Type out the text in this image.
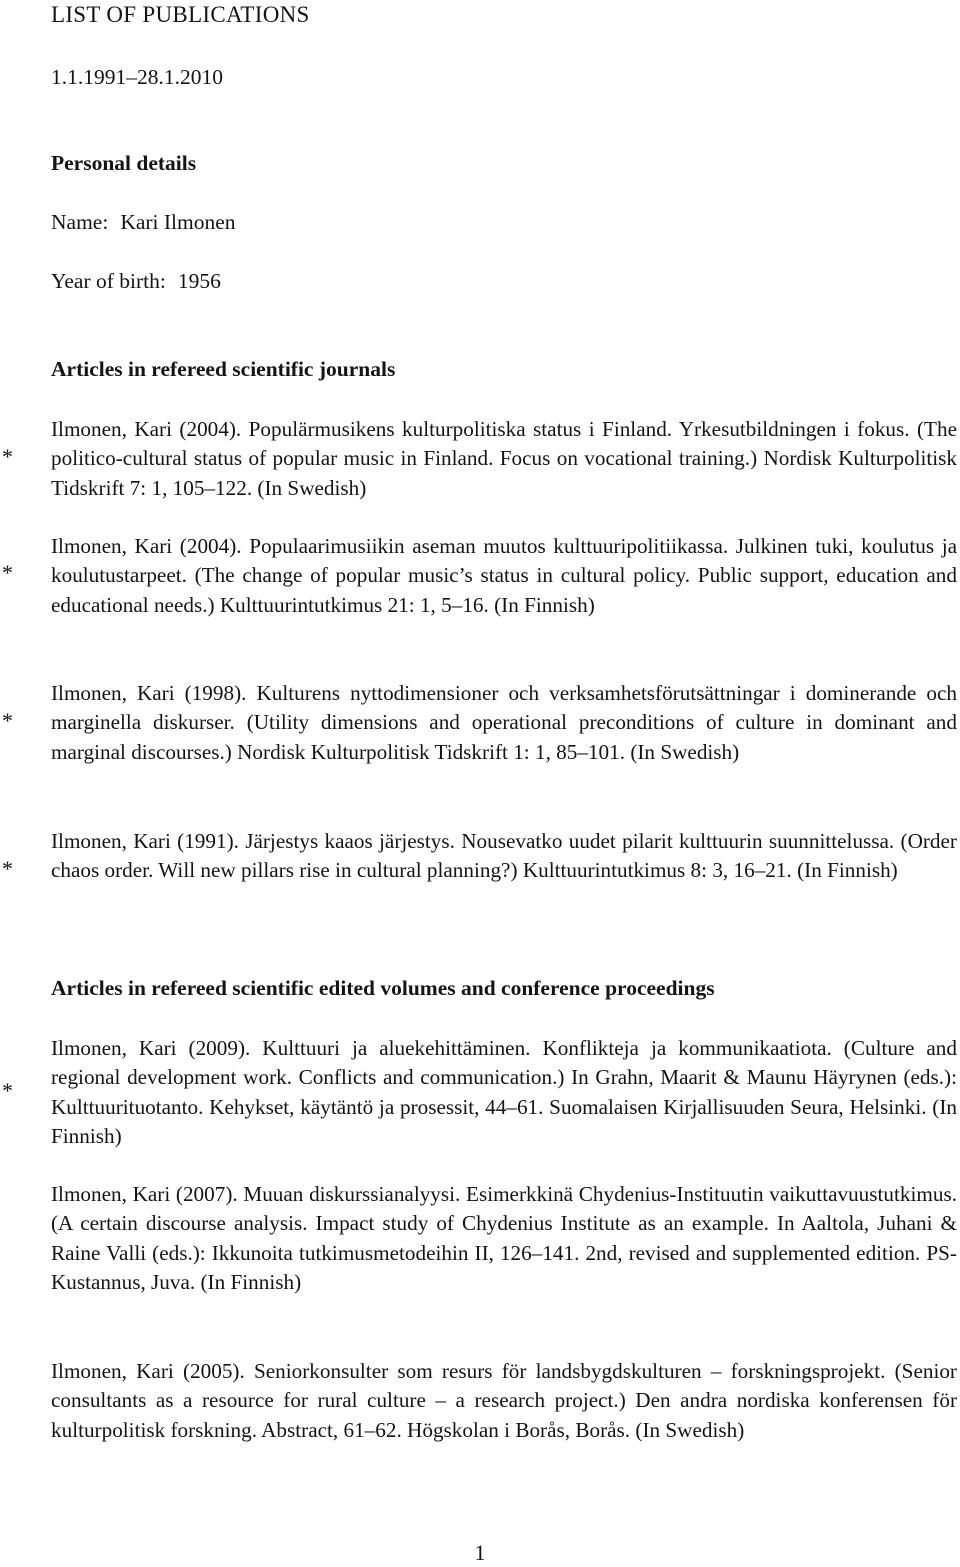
LIST OF PUBLICATIONS
1.1.1991–28.1.2010
Personal details
Name: Kari Ilmonen
Year of birth: 1956
Articles in refereed scientific journals
*
Ilmonen, Kari (2004). Populärmusikens kulturpolitiska status i Finland. Yrkesutbildningen i fokus. (The politico-cultural status of popular music in Finland. Focus on vocational training.) Nordisk Kulturpolitisk Tidskrift 7: 1, 105–122. (In Swedish)
*
Ilmonen, Kari (2004). Populaarimusiikin aseman muutos kulttuuripolitiikassa. Julkinen tuki, koulutus ja koulutustarpeet. (The change of popular music’s status in cultural policy. Public support, education and educational needs.) Kulttuurintutkimus 21: 1, 5–16. (In Finnish)
*
Ilmonen, Kari (1998). Kulturens nyttodimensioner och verksamhetsförutsättningar i dominerande och marginella diskurser. (Utility dimensions and operational preconditions of culture in dominant and marginal discourses.) Nordisk Kulturpolitisk Tidskrift 1: 1, 85–101. (In Swedish)
*
Ilmonen, Kari (1991). Järjestys kaaos järjestys. Nousevatko uudet pilarit kulttuurin suunnittelussa. (Order chaos order. Will new pillars rise in cultural planning?) Kulttuurintutkimus 8: 3, 16–21. (In Finnish)
Articles in refereed scientific edited volumes and conference proceedings
*
Ilmonen, Kari (2009). Kulttuuri ja aluekehittäminen. Konflikteja ja kommunikaatiota. (Culture and regional development work. Conflicts and communication.) In Grahn, Maarit & Maunu Häyrynen (eds.): Kulttuurituotanto. Kehykset, käytäntö ja prosessit, 44–61. Suomalaisen Kirjallisuuden Seura, Helsinki. (In Finnish)
Ilmonen, Kari (2007). Muuan diskurssianalyysi. Esimerkkinä Chydenius-Instituutin vaikuttavuustutkimus. (A certain discourse analysis. Impact study of Chydenius Institute as an example. In Aaltola, Juhani & Raine Valli (eds.): Ikkunoita tutkimusmetodeihin II, 126–141. 2nd, revised and supplemented edition. PS-Kustannus, Juva. (In Finnish)
Ilmonen, Kari (2005). Seniorkonsulter som resurs för landsbygdskulturen – forskningsprojekt. (Senior consultants as a resource for rural culture – a research project.) Den andra nordiska konferensen för kulturpolitisk forskning. Abstract, 61–62. Högskolan i Borås, Borås. (In Swedish)
1
